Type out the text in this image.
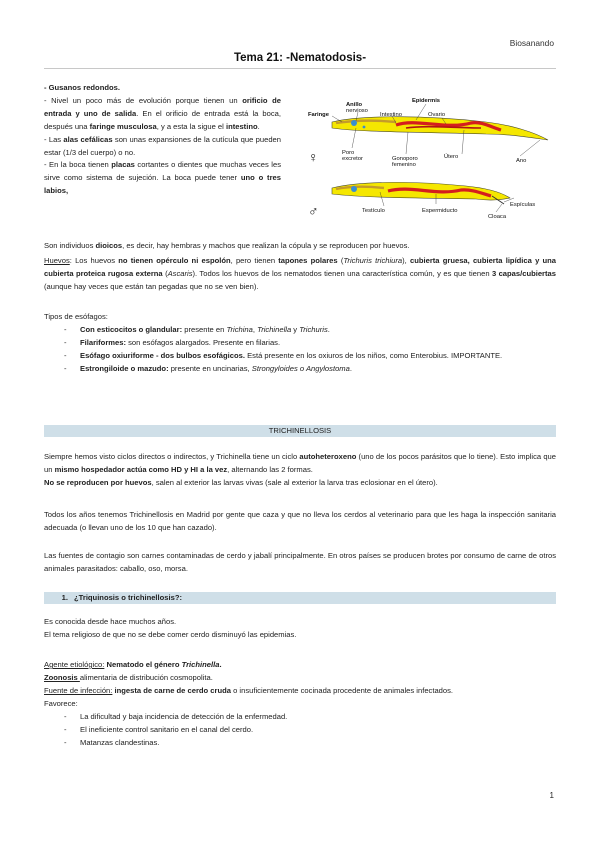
Biosanando
Tema 21: -Nematodosis-
- Gusanos redondos.
- Nivel un poco más de evolución porque tienen un orificio de entrada y uno de salida. En el orificio de entrada está la boca, después una faringe musculosa, y a esta la sigue el intestino.
- Las alas cefálicas son unas expansiones de la cutícula que pueden estar (1/3 del cuerpo) o no.
- En la boca tienen placas cortantes o dientes que muchas veces les sirve como sistema de sujeción. La boca puede tener uno o tres labios,
Anillo
nervioso
Epidermis
Faringe	Intestino	Ovario
Poro
excretor	Gonoporo
femenino
Útero
Ano
Testículo	Espermiducto
Espículas
Cloaca
♀
♂
Son individuos dioicos, es decir, hay hembras y machos que realizan la cópula y se reproducen por huevos.
Huevos: Los huevos no tienen opérculo ni espolón, pero tienen tapones polares (Trichuris trichiura), cubierta gruesa, cubierta lipídica y una cubierta proteica rugosa externa (Ascaris). Todos los huevos de los nematodos tienen una característica común, y es que tienen 3 capas/cubiertas (aunque hay veces que están tan pegadas que no se ven bien).
Tipos de esófagos:
- Con esticocitos o glandular: presente en Trichina, Trichinella y Trichuris.
- Filariformes: son esófagos alargados. Presente en filarias.
- Esófago oxiuriforme - dos bulbos esofágicos. Está presente en los oxiuros de los niños, como Enterobius. IMPORTANTE.
- Estrongiloide o mazudo: presente en uncinarias, Strongyloides o Angylostoma.
TRICHINELLOSIS
Siempre hemos visto ciclos directos o indirectos, y Trichinella tiene un ciclo autoheteroxeno (uno de los pocos parásitos que lo tiene). Esto implica que un mismo hospedador actúa como HD y HI a la vez, alternando las 2 formas.
No se reproducen por huevos, salen al exterior las larvas vivas (sale al exterior la larva tras eclosionar en el útero).
Todos los años tenemos Trichinellosis en Madrid por gente que caza y que no lleva los cerdos al veterinario para que les haga la inspección sanitaria adecuada (o llevan uno de los 10 que han cazado).
Las fuentes de contagio son carnes contaminadas de cerdo y jabalí principalmente. En otros países se producen brotes por consumo de carne de otros animales parasitados: caballo, oso, morsa.
1. ¿Triquinosis o trichinellosis?:
Es conocida desde hace muchos años.
El tema religioso de que no se debe comer cerdo disminuyó las epidemias.
Agente etiológico: Nematodo el género Trichinella.
Zoonosis alimentaria de distribución cosmopolita.
Fuente de infección: ingesta de carne de cerdo cruda o insuficientemente cocinada procedente de animales infectados.
Favorece:
- La dificultad y baja incidencia de detección de la enfermedad.
- El ineficiente control sanitario en el canal del cerdo.
- Matanzas clandestinas.
1
